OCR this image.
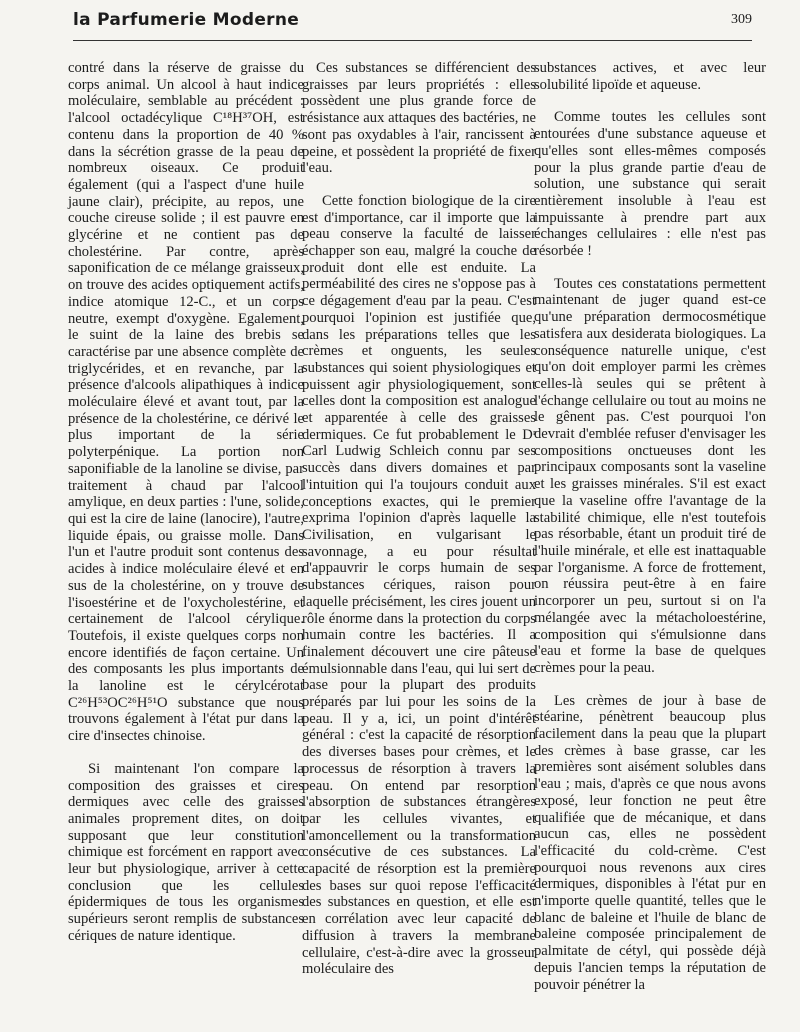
la Parfumerie Moderne	309

contré dans la réserve de graisse du corps animal. Un alcool à haut indice moléculaire, semblable au précédent : l'alcool octadécylique C¹⁸H³⁷OH, est contenu dans la proportion de 40 % dans la sécrétion grasse de la peau de nombreux oiseaux. Ce produit également (qui a l'aspect d'une huile jaune clair), précipite, au repos, une couche cireuse solide ; il est pauvre en glycérine et ne contient pas de cholestérine. Par contre, après saponification de ce mélange graisseux, on trouve des acides optiquement actifs, indice atomique 12-C., et un corps neutre, exempt d'oxygène. Egalement, le suint de la laine des brebis se caractérise par une absence complète de triglycérides, et en revanche, par la présence d'alcools alipathiques à indice moléculaire élevé et avant tout, par la présence de la cholestérine, ce dérivé le plus important de la série polyterpénique. La portion non saponifiable de la lanoline se divise, par traitement à chaud par l'alcool amylique, en deux parties : l'une, solide, qui est la cire de laine (lanocire), l'autre, liquide épais, ou graisse molle. Dans l'un et l'autre produit sont contenus des acides à indice moléculaire élevé et en sus de la cholestérine, on y trouve de l'isoestérine et de l'oxycholestérine, et certainement de l'alcool cérylique. Toutefois, il existe quelques corps non encore identifiés de façon certaine. Un des composants les plus importants de la lanoline est le cérylcérotat C²⁶H⁵³OC²⁶H⁵¹O substance que nous trouvons également à l'état pur dans la cire d'insectes chinoise.

Si maintenant l'on compare la composition des graisses et cires dermiques avec celle des graisses animales proprement dites, on doit supposant que leur constitution chimique est forcément en rapport avec leur but physiologique, arriver à cette conclusion que les cellules épidermiques de tous les organismes supérieurs seront remplis de substances cériques de nature identique.

Ces substances se différencient des graisses par leurs propriétés : elles possèdent une plus grande force de résistance aux attaques des bactéries, ne sont pas oxydables à l'air, rancissent à peine, et possèdent la propriété de fixer l'eau.

Cette fonction biologique de la cire est d'importance, car il importe que la peau conserve la faculté de laisser échapper son eau, malgré la couche de produit dont elle est enduite. La perméabilité des cires ne s'oppose pas à ce dégagement d'eau par la peau. C'est pourquoi l'opinion est justifiée que, dans les préparations telles que les crèmes et onguents, les seules substances qui soient physiologiques et puissent agir physiologiquement, sont celles dont la composition est analogue et apparentée à celle des graisses dermiques. Ce fut probablement le Dʳ Carl Ludwig Schleich connu par ses succès dans divers domaines et par l'intuition qui l'a toujours conduit aux conceptions exactes, qui le premier exprima l'opinion d'après laquelle la Civilisation, en vulgarisant le savonnage, a eu pour résultat d'appauvrir le corps humain de ses substances cériques, raison pour laquelle précisément, les cires jouent un rôle énorme dans la protection du corps humain contre les bactéries. Il a finalement découvert une cire pâteuse émulsionnable dans l'eau, qui lui sert de base pour la plupart des produits préparés par lui pour les soins de la peau. Il y a, ici, un point d'intérêt général : c'est la capacité de résorption des diverses bases pour crèmes, et le processus de résorption à travers la peau. On entend par resorption l'absorption de substances étrangères par les cellules vivantes, et l'amoncellement ou la transformation consécutive de ces substances. La capacité de résorption est la première des bases sur quoi repose l'efficacité des substances en question, et elle est en corrélation avec leur capacité de diffusion à travers la membrane cellulaire, c'est-à-dire avec la grosseur moléculaire des

substances actives, et avec leur solubilité lipoïde et aqueuse.

Comme toutes les cellules sont entourées d'une substance aqueuse et qu'elles sont elles-mêmes composés pour la plus grande partie d'eau de solution, une substance qui serait entièrement insoluble à l'eau est impuissante à prendre part aux échanges cellulaires : elle n'est pas résorbée !

Toutes ces constatations permettent maintenant de juger quand est-ce qu'une préparation dermocosmétique satisfera aux desiderata biologiques. La conséquence naturelle unique, c'est qu'on doit employer parmi les crèmes celles-là seules qui se prêtent à l'échange cellulaire ou tout au moins ne le gênent pas. C'est pourquoi l'on devrait d'emblée refuser d'envisager les compositions onctueuses dont les principaux composants sont la vaseline et les graisses minérales. S'il est exact que la vaseline offre l'avantage de la stabilité chimique, elle n'est toutefois pas résorbable, étant un produit tiré de l'huile minérale, et elle est inattaquable par l'organisme. A force de frottement, on réussira peut-être à en faire incorporer un peu, surtout si on l'a mélangée avec la métacholoestérine, composition qui s'émulsionne dans l'eau et forme la base de quelques crèmes pour la peau.

Les crèmes de jour à base de stéarine, pénètrent beaucoup plus facilement dans la peau que la plupart des crèmes à base grasse, car les premières sont aisément solubles dans l'eau ; mais, d'après ce que nous avons exposé, leur fonction ne peut être qualifiée que de mécanique, et dans aucun cas, elles ne possèdent l'efficacité du cold-crème. C'est pourquoi nous revenons aux cires dermiques, disponibles à l'état pur en n'importe quelle quantité, telles que le blanc de baleine et l'huile de blanc de baleine composée principalement de palmitate de cétyl, qui possède déjà depuis l'ancien temps la réputation de pouvoir pénétrer la
